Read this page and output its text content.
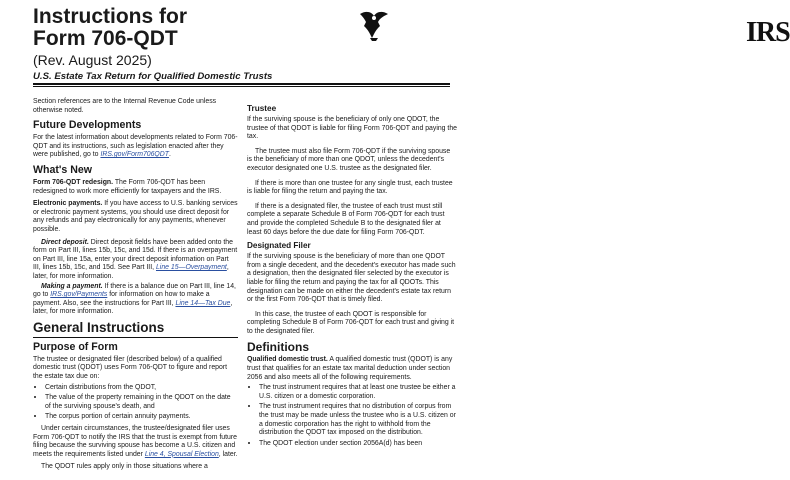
Instructions for
Form 706-QDT
(Rev. August 2025)
U.S. Estate Tax Return for Qualified Domestic Trusts
IRS

Section references are to the Internal Revenue Code unless otherwise noted.

Future Developments

For the latest information about developments related to Form 706-QDT and its instructions, such as legislation enacted after they were published, go to IRS.gov/Form706QDT.

What's New

Form 706-QDT redesign. The Form 706-QDT has been redesigned to work more efficiently for taxpayers and the IRS.

Electronic payments. If you have access to U.S. banking services or electronic payment systems, you should use direct deposit for any refunds and pay electronically for any payments, whenever possible.

Direct deposit. Direct deposit fields have been added onto the form on Part III, lines 15b, 15c, and 15d. If there is an overpayment on Part III, line 15a, enter your direct deposit information on Part III, lines 15b, 15c, and 15d. See Part III, Line 15—Overpayment, later, for more information.

Making a payment. If there is a balance due on Part III, line 14, go to IRS.gov/Payments for information on how to make a payment. Also, see the instructions for Part III, Line 14—Tax Due, later, for more information.

General Instructions
Purpose of Form

The trustee or designated filer (described below) of a qualified domestic trust (QDOT) uses Form 706-QDT to figure and report the estate tax due on:

• Certain distributions from the QDOT,
• The value of the property remaining in the QDOT on the date of the surviving spouse's death, and
• The corpus portion of certain annuity payments.

Under certain circumstances, the trustee/designated filer uses Form 706-QDT to notify the IRS that the trust is exempt from future filing because the surviving spouse has become a U.S. citizen and meets the requirements listed under Line 4, Spousal Election, later.

The QDOT rules apply only in those situations where a

Trustee

If the surviving spouse is the beneficiary of only one QDOT, the trustee of that QDOT is liable for filing Form 706-QDT and paying the tax.

The trustee must also file Form 706-QDT if the surviving spouse is the beneficiary of more than one QDOT, unless the decedent's executor designated one U.S. trustee as the designated filer.

If there is more than one trustee for any single trust, each trustee is liable for filing the return and paying the tax.

If there is a designated filer, the trustee of each trust must still complete a separate Schedule B of Form 706-QDT for each trust and provide the completed Schedule B to the designated filer at least 60 days before the due date for filing Form 706-QDT.

Designated Filer

If the surviving spouse is the beneficiary of more than one QDOT from a single decedent, and the decedent's executor has made such a designation, then the designated filer selected by the executor is liable for filing the return and paying the tax for all QDOTs. This designation can be made on either the decedent's estate tax return or the first Form 706-QDT that is timely filed.

In this case, the trustee of each QDOT is responsible for completing Schedule B of Form 706-QDT for each trust and giving it to the designated filer.

Definitions

Qualified domestic trust. A qualified domestic trust (QDOT) is any trust that qualifies for an estate tax marital deduction under section 2056 and also meets all of the following requirements.

• The trust instrument requires that at least one trustee be either a U.S. citizen or a domestic corporation.
• The trust instrument requires that no distribution of corpus from the trust may be made unless the trustee who is a U.S. citizen or a domestic corporation has the right to withhold from the distribution the QDOT tax imposed on the distribution.
• The QDOT election under section 2056A(d) has been
